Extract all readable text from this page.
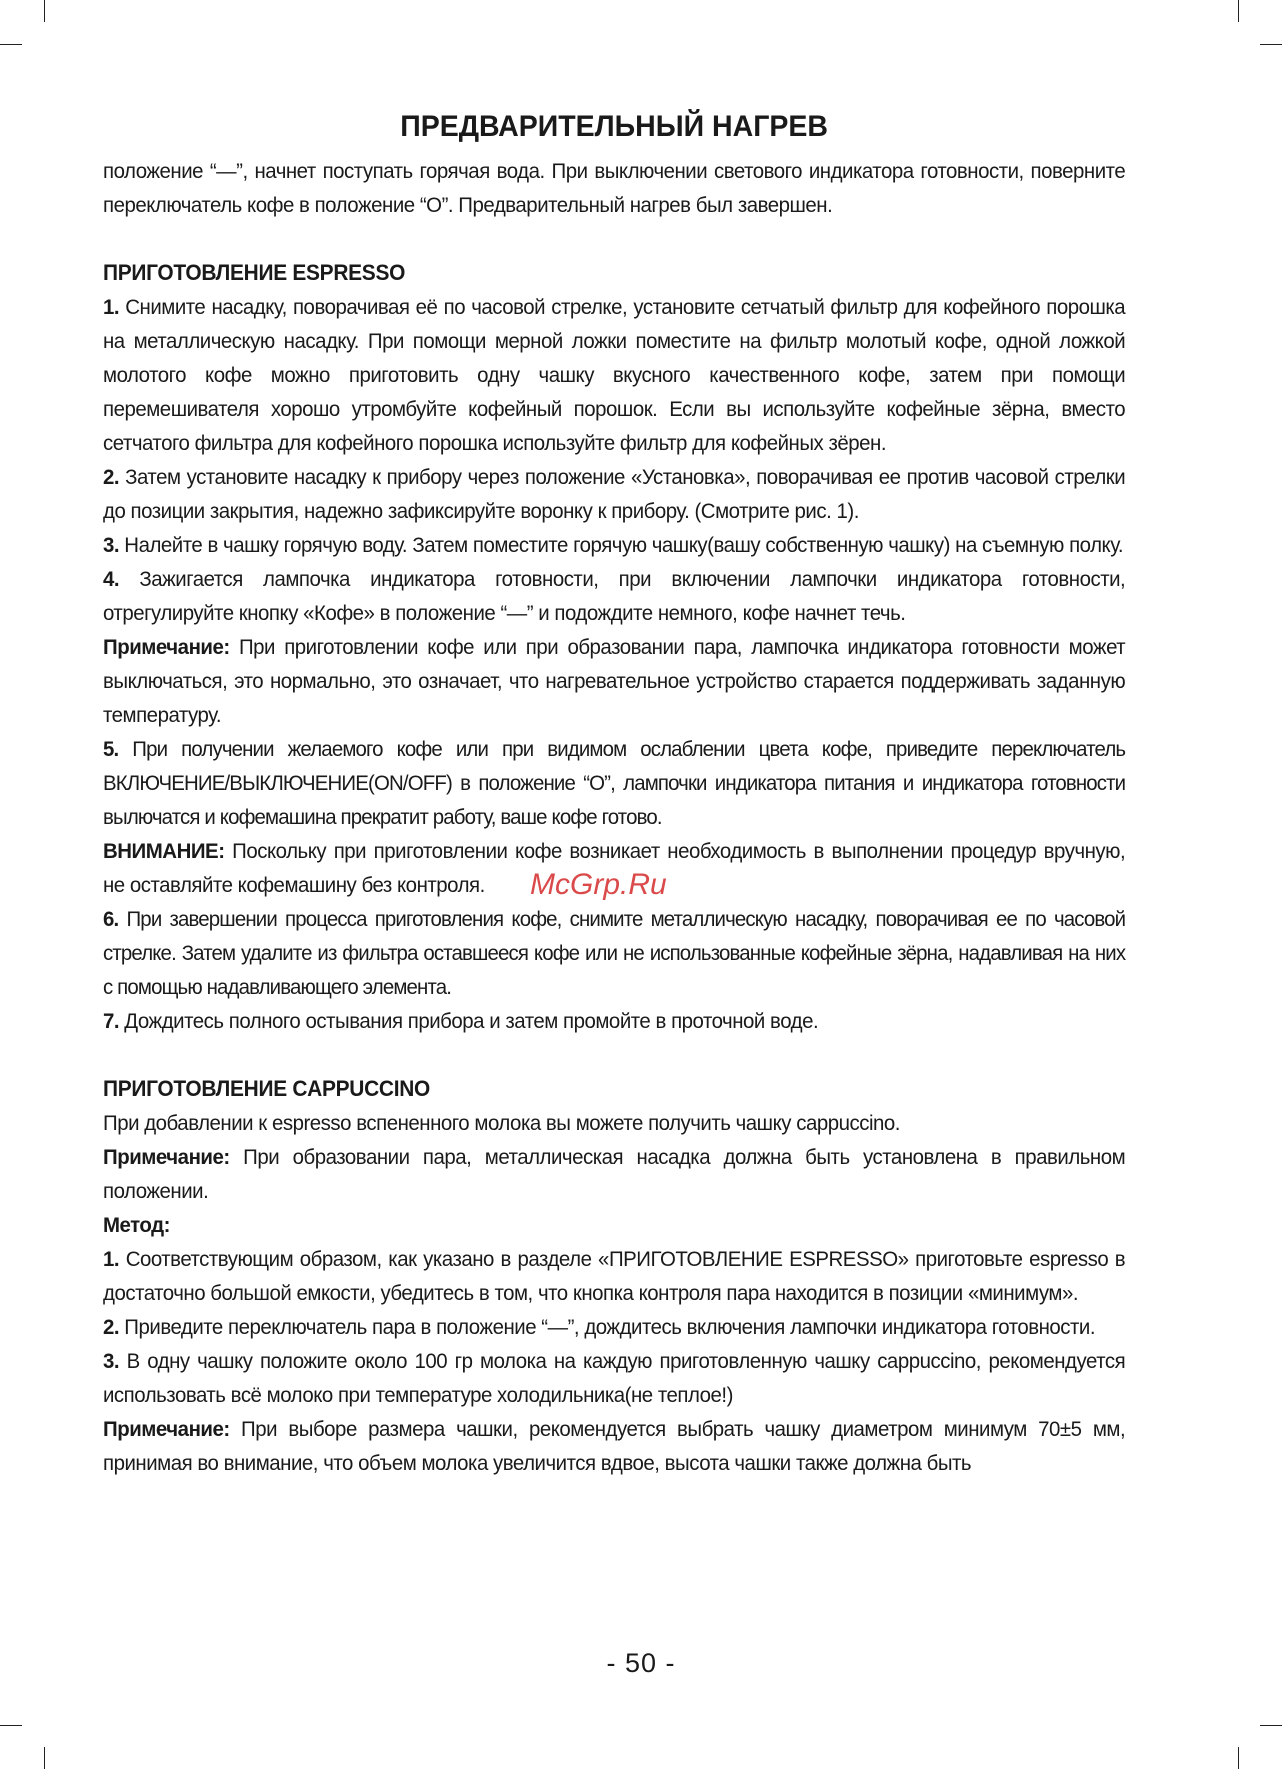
ПРЕДВАРИТЕЛЬНЫЙ НАГРЕВ

положение “—”, начнет поступать горячая вода. При выключении светового индикатора готовности, поверните переключатель кофе в положение “O”. Предварительный нагрев был завершен.

ПРИГОТОВЛЕНИЕ ESPRESSO

1. Снимите насадку, поворачивая её по часовой стрелке, установите сетчатый фильтр для кофейного порошка на металлическую насадку. При помощи мерной ложки поместите на фильтр молотый кофе, одной ложкой молотого кофе можно приготовить одну чашку вкусного качественного кофе, затем при помощи перемешивателя хорошо утромбуйте кофейный порошок. Если вы используйте кофейные зёрна, вместо сетчатого фильтра для кофейного порошка используйте фильтр для кофейных зёрен.

2. Затем установите насадку к прибору через положение «Установка», поворачивая ее против часовой стрелки до позиции закрытия, надежно зафиксируйте воронку к прибору. (Смотрите рис. 1).

3. Налейте в чашку горячую воду. Затем поместите горячую чашку(вашу собственную чашку) на съемную полку.

4. Зажигается лампочка индикатора готовности, при включении лампочки индикатора готовности, отрегулируйте кнопку «Кофе» в положение “—” и подождите немного, кофе начнет течь.

Примечание: При приготовлении кофе или при образовании пара, лампочка индикатора готовности может выключаться, это нормально, это означает, что нагревательное устройство старается поддерживать заданную температуру.

5. При получении желаемого кофе или при видимом ослаблении цвета кофе, приведите переключатель ВКЛЮЧЕНИЕ/ВЫКЛЮЧЕНИЕ(ON/OFF) в положение “O”, лампочки индикатора питания и индикатора готовности вылючатся и кофемашина прекратит работу, ваше кофе готово.

ВНИМАНИЕ: Поскольку при приготовлении кофе возникает необходимость в выполнении процедур вручную, не оставляйте кофемашину без контроля.

6. При завершении процесса приготовления кофе, снимите металлическую насадку, поворачивая ее по часовой стрелке. Затем удалите из фильтра оставшееся кофе или не использованные кофейные зёрна, надавливая на них с помощью надавливающего элемента.

7. Дождитесь полного остывания прибора и затем промойте в проточной воде.

ПРИГОТОВЛЕНИЕ CAPPUCCINO

При добавлении к espresso вспененного молока вы можете получить чашку cappuccino.

Примечание: При образовании пара, металлическая насадка должна быть установлена в правильном положении.

Метод:

1. Соответствующим образом, как указано в разделе «ПРИГОТОВЛЕНИЕ ESPRESSO» приготовьте espresso в достаточно большой емкости, убедитесь в том, что кнопка контроля пара находится в позиции «минимум».

2. Приведите переключатель пара в положение “—”, дождитесь включения лампочки индикатора готовности.

3. В одну чашку положите около 100 гр молока на каждую приготовленную чашку cappuccino, рекомендуется использовать всё молоко при температуре холодильника(не теплое!)

Примечание: При выборе размера чашки, рекомендуется выбрать чашку диаметром минимум 70±5 мм, принимая во внимание, что объем молока увеличится вдвое, высота чашки также должна быть

McGrp.Ru
- 50 -
